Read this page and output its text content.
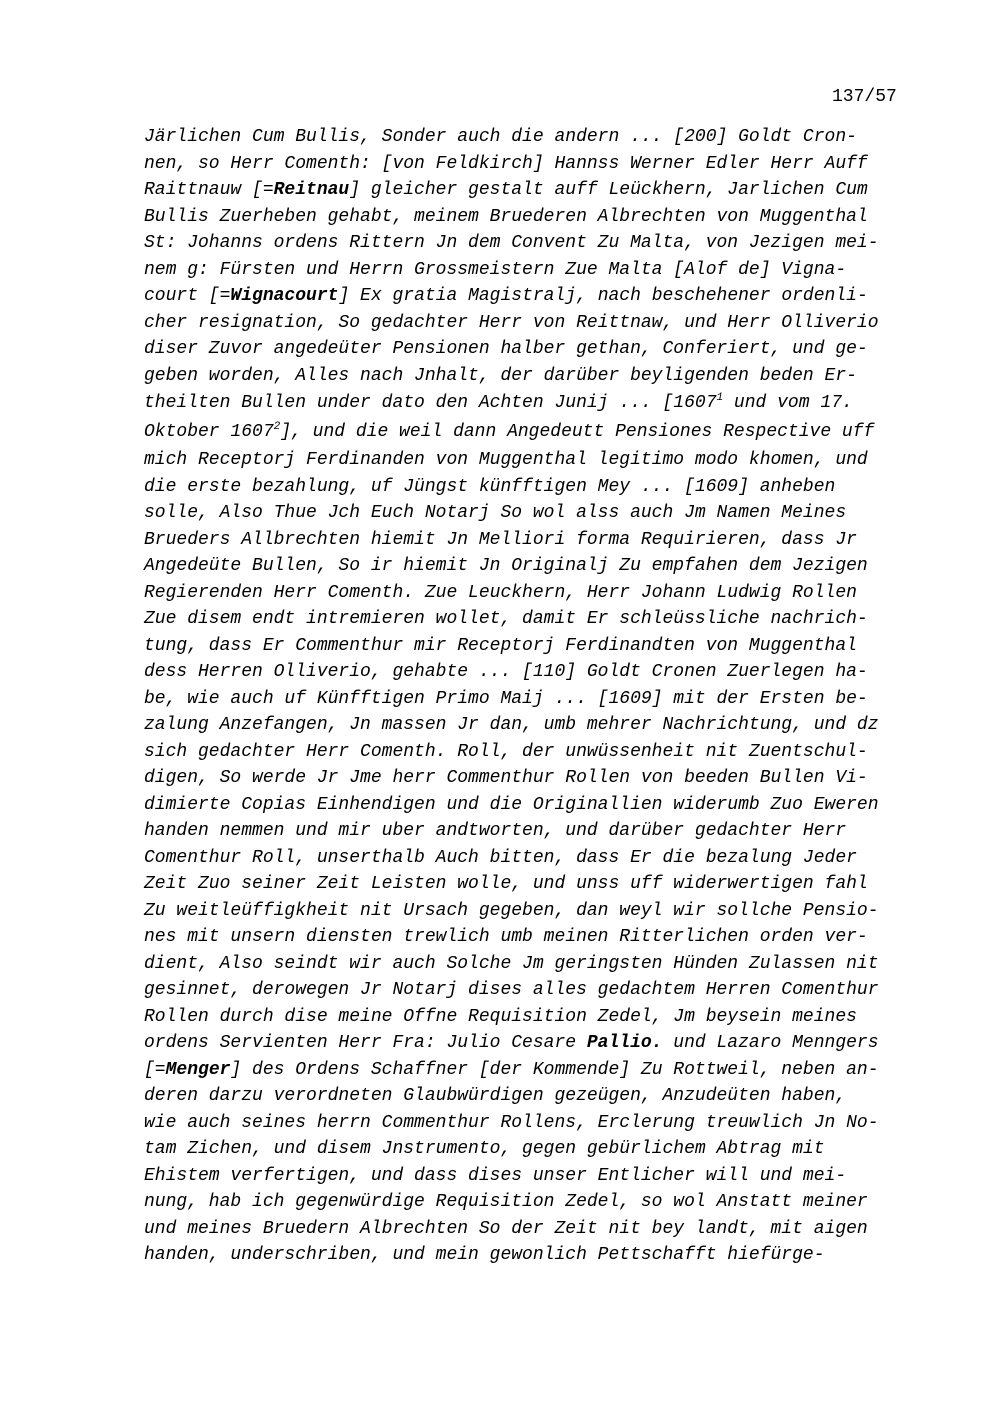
137/57
Järlichen Cum Bullis, Sonder auch die andern ... [200] Goldt Cron-
nen, so Herr Comenth: [von Feldkirch] Hannss Werner Edler Herr Auff
Raittnauw [=Reitnau] gleicher gestalt auff Leückhern, Jarlichen Cum
Bullis Zuerheben gehabt, meinem Bruederen Albrechten von Muggenthal
St: Johanns ordens Rittern Jn dem Convent Zu Malta, von Jezigen mei-
nem g: Fürsten und Herrn Grossmeistern Zue Malta [Alof de] Vigna-
court [=Wignacourt] Ex gratia Magistralj, nach beschehener ordenli-
cher resignation, So gedachter Herr von Reittnaw, und Herr Olliverio
diser Zuvor angedeüter Pensionen halber gethan, Conferiert, und ge-
geben worden, Alles nach Jnhalt, der darüber beyligenden beden Er-
theilten Bullen under dato den Achten Junij ... [1607$^1$ und vom 17.
Oktober 1607$^2$], und die weil dann Angedeutt Pensiones Respective uff
mich Receptorj Ferdinanden von Muggenthal legitimo modo khomen, und
die erste bezahlung, uf Jüngst künfftigen Mey ... [1609] anheben
solle, Also Thue Jch Euch Notarj So wol alss auch Jm Namen Meines
Brueders Allbrechten hiemit Jn Melliori forma Requirieren, dass Jr
Angedeüte Bullen, So ir hiemit Jn Originalj Zu empfahen dem Jezigen
Regierenden Herr Comenth. Zue Leuckhern, Herr Johann Ludwig Rollen
Zue disem endt intremieren wollet, damit Er schleüssliche nachrich-
tung, dass Er Commenthur mir Receptorj Ferdinandten von Muggenthal
dess Herren Olliverio, gehabte ... [110] Goldt Cronen Zuerlegen ha-
be, wie auch uf Künfftigen Primo Maij ... [1609] mit der Ersten be-
zalung Anzefangen, Jn massen Jr dan, umb mehrer Nachrichtung, und dz
sich gedachter Herr Comenth. Roll, der unwüssenheit nit Zuentschul-
digen, So werde Jr Jme herr Commenthur Rollen von beeden Bullen Vi-
dimierte Copias Einhendigen und die Originallien widerumb Zuo Eweren
handen nemmen und mir uber andtworten, und darüber gedachter Herr
Comenthur Roll, unserthalb Auch bitten, dass Er die bezalung Jeder
Zeit Zuo seiner Zeit Leisten wolle, und unss uff widerwertigen fahl
Zu weitleüffigkheit nit Ursach gegeben, dan weyl wir sollche Pensio-
nes mit unsern diensten trewlich umb meinen Ritterlichen orden ver-
dient, Also seindt wir auch Solche Jm geringsten Hünden Zulassen nit
gesinnet, derowegen Jr Notarj dises alles gedachtem Herren Comenthur
Rollen durch dise meine Offne Requisition Zedel, Jm beysein meines
ordens Servienten Herr Fra: Julio Cesare Pallio. und Lazaro Menngers
[=Menger] des Ordens Schaffner [der Kommende] Zu Rottweil, neben an-
deren darzu verordneten Glaubwürdigen gezeügen, Anzudeüten haben,
wie auch seines herrn Commenthur Rollens, Erclerung treuwlich Jn No-
tam Zichen, und disem Jnstrumento, gegen gebürlichem Abtrag mit
Ehistem verfertigen, und dass dises unser Entlicher will und mei-
nung, hab ich gegenwürdige Requisition Zedel, so wol Anstatt meiner
und meines Bruedern Albrechten So der Zeit nit bey landt, mit aigen
handen, underschriben, und mein gewonlich Pettschafft hiefürge-
